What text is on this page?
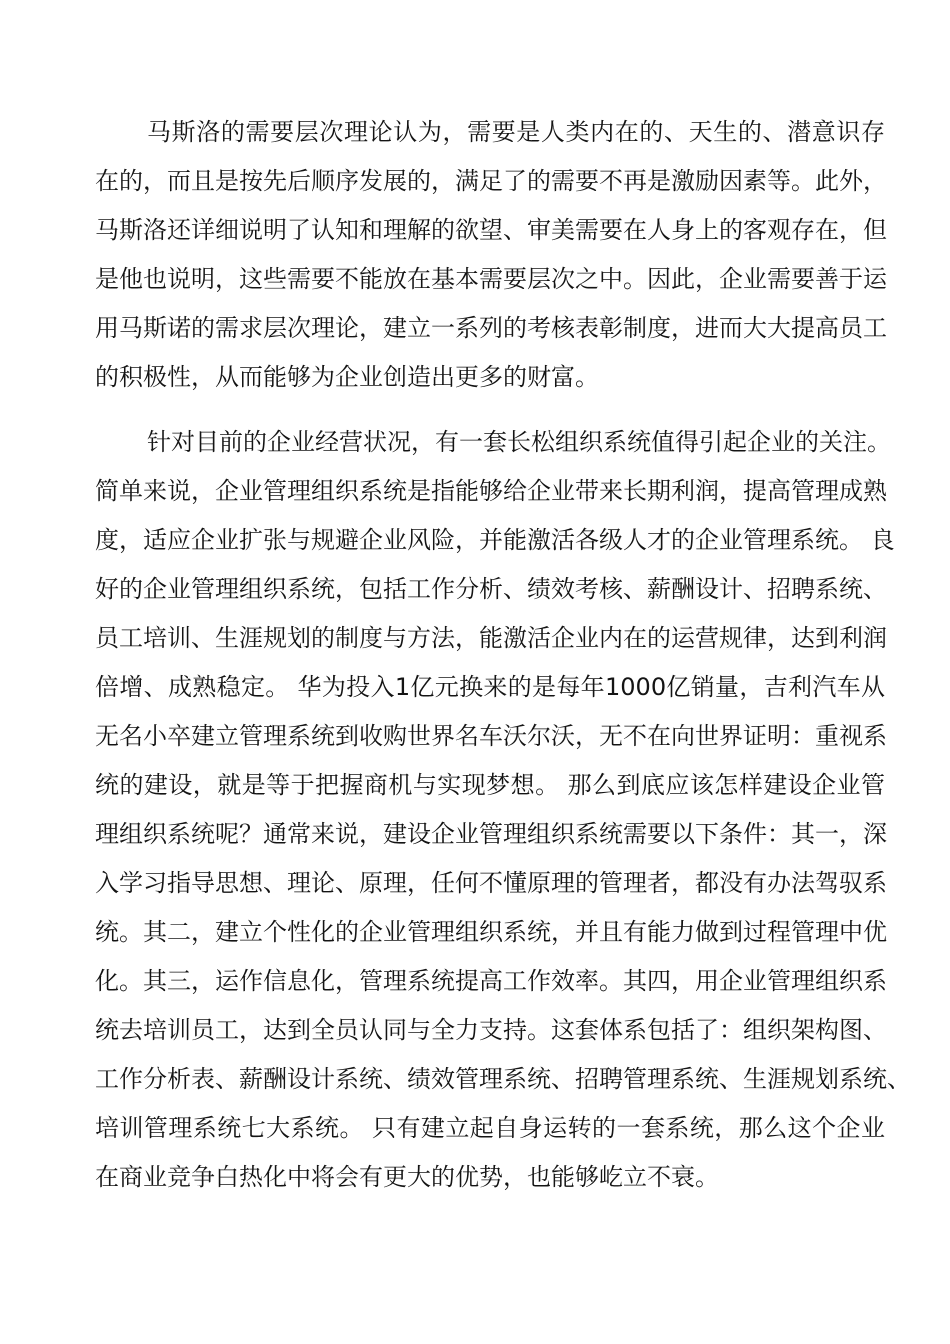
马斯洛的需要层次理论认为，需要是人类内在的、天生的、潜意识存
在的，而且是按先后顺序发展的，满足了的需要不再是激励因素等。此外，
马斯洛还详细说明了认知和理解的欲望、审美需要在人身上的客观存在，但
是他也说明，这些需要不能放在基本需要层次之中。因此，企业需要善于运
用马斯诺的需求层次理论，建立一系列的考核表彰制度，进而大大提高员工
的积极性，从而能够为企业创造出更多的财富。
针对目前的企业经营状况，有一套长松组织系统值得引起企业的关注。
简单来说，企业管理组织系统是指能够给企业带来长期利润，提高管理成熟
度，适应企业扩张与规避企业风险，并能激活各级人才的企业管理系统。 良
好的企业管理组织系统，包括工作分析、绩效考核、薪酬设计、招聘系统、
员工培训、生涯规划的制度与方法，能激活企业内在的运营规律，达到利润
倍增、成熟稳定。 华为投入1亿元换来的是每年1000亿销量，吉利汽车从
无名小卒建立管理系统到收购世界名车沃尔沃，无不在向世界证明：重视系
统的建设，就是等于把握商机与实现梦想。 那么到底应该怎样建设企业管
理组织系统呢？通常来说，建设企业管理组织系统需要以下条件：其一，深
入学习指导思想、理论、原理，任何不懂原理的管理者，都没有办法驾驭系
统。其二，建立个性化的企业管理组织系统，并且有能力做到过程管理中优
化。其三，运作信息化，管理系统提高工作效率。其四，用企业管理组织系
统去培训员工，达到全员认同与全力支持。这套体系包括了：组织架构图、
工作分析表、薪酬设计系统、绩效管理系统、招聘管理系统、生涯规划系统、
培训管理系统七大系统。 只有建立起自身运转的一套系统，那么这个企业
在商业竞争白热化中将会有更大的优势，也能够屹立不衰。
